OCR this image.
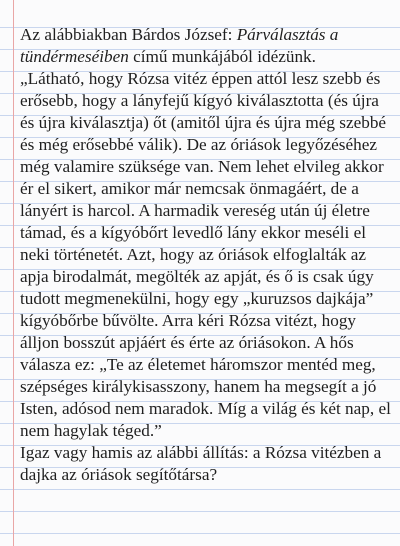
Az alábbiakban Bárdos József: Párválasztás a tündérmeséiben című munkájából idézünk.

„Látható, hogy Rózsa vitéz éppen attól lesz szebb és erősebb, hogy a lányfejű kígyó kiválasztotta (és újra és újra kiválasztja) őt (amitől újra és újra még szebbé és még erősebbé válik). De az óriások legyőzéséhez még valamire szüksége van. Nem lehet elvileg akkor ér el sikert, amikor már nemcsak önmagáért, de a lányért is harcol. A harmadik vereség után új életre támad, és a kígyóbőrt levedlő lány ekkor meséli el neki történetét. Azt, hogy az óriások elfoglalták az apja birodalmát, megölték az apját, és ő is csak úgy tudott megmenekülni, hogy egy „kuruzsos dajkája” kígyóbőrbe bűvölte. Arra kéri Rózsa vitézt, hogy álljon bosszút apjáért és érte az óriásokon. A hős válasza ez: „Te az életemet háromszor mentéd meg, szépséges királykisasszony, hanem ha megsegít a jó Isten, adósod nem maradok. Míg a világ és két nap, el nem hagylak téged.”

Igaz vagy hamis az alábbi állítás: a Rózsa vitézben a dajka az óriások segítőtársa?
